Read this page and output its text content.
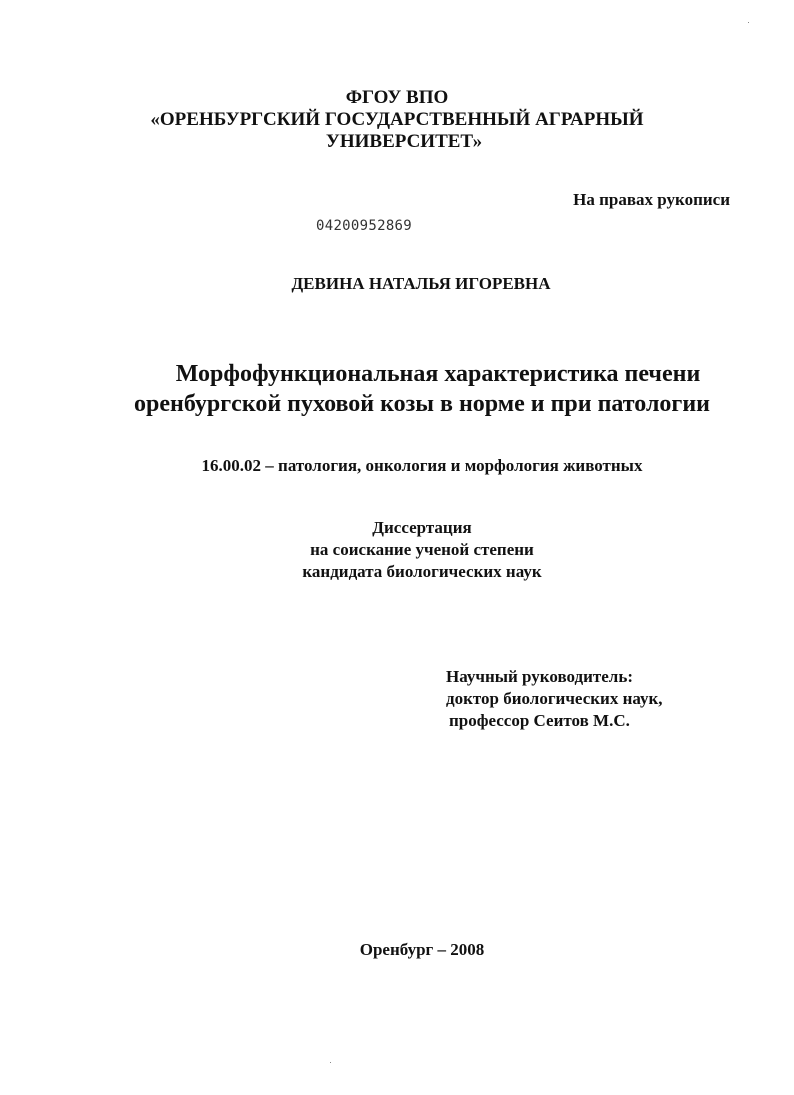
ФГОУ ВПО
«ОРЕНБУРГСКИЙ ГОСУДАРСТВЕННЫЙ АГРАРНЫЙ
УНИВЕРСИТЕТ»
На правах рукописи
04200952869
ДЕВИНА НАТАЛЬЯ ИГОРЕВНА
Морфофункциональная характеристика печени
оренбургской пуховой козы в норме и при патологии
16.00.02 – патология, онкология и морфология животных
Диссертация
на соискание ученой степени
кандидата биологических наук
Научный руководитель:
доктор биологических наук,
профессор Сеитов М.С.
Оренбург – 2008
